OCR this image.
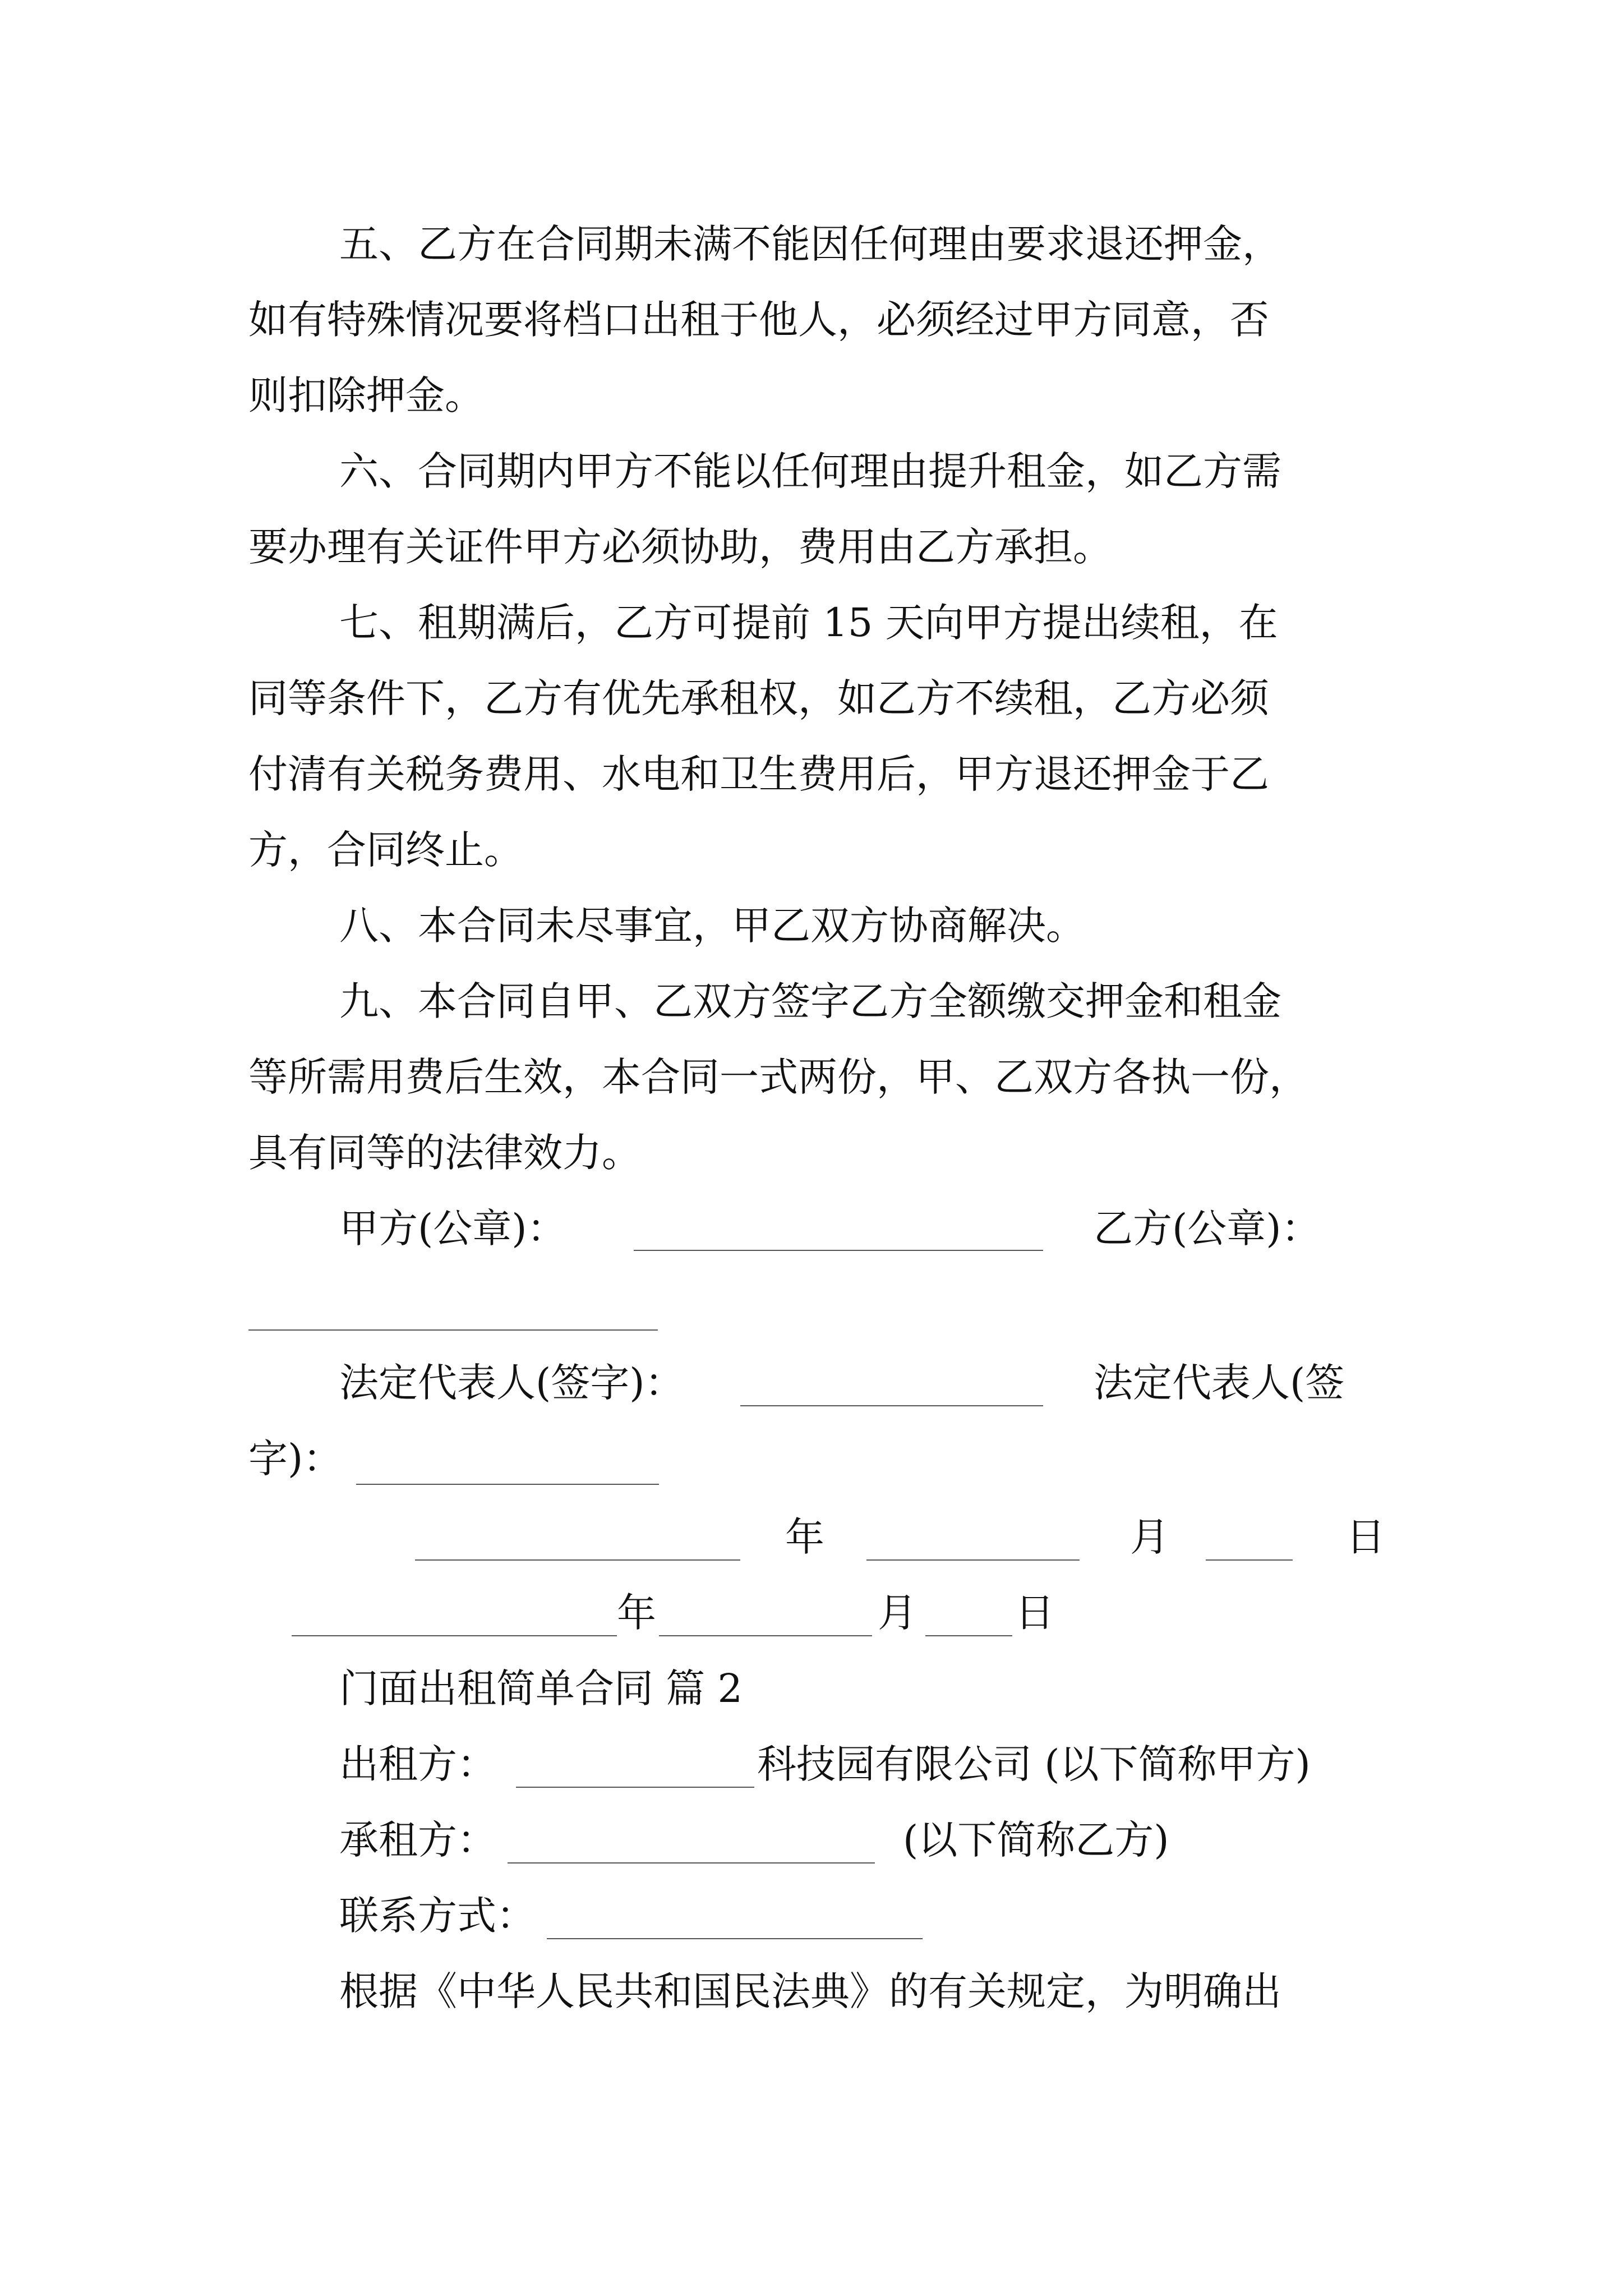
五、乙方在合同期未满不能因任何理由要求退还押金，
如有特殊情况要将档口出租于他人，必须经过甲方同意，否
则扣除押金。
六、合同期内甲方不能以任何理由提升租金，如乙方需
要办理有关证件甲方必须协助，费用由乙方承担。
七、租期满后，乙方可提前 15 天向甲方提出续租，在
同等条件下，乙方有优先承租权，如乙方不续租，乙方必须
付清有关税务费用、水电和卫生费用后，甲方退还押金于乙
方，合同终止。
八、本合同未尽事宜，甲乙双方协商解决。
九、本合同自甲、乙双方签字乙方全额缴交押金和租金
等所需用费后生效，本合同一式两份，甲、乙双方各执一份，
具有同等的法律效力。
甲方(公章)：	乙方(公章)：
法定代表人(签字)：	法定代表人(签
字)：
年	月	日
年	月	日
门面出租简单合同 篇 2
出租方：	科技园有限公司 (以下简称甲方)
承租方：	(以下简称乙方)
联系方式：
根据《中华人民共和国民法典》的有关规定，为明确出
